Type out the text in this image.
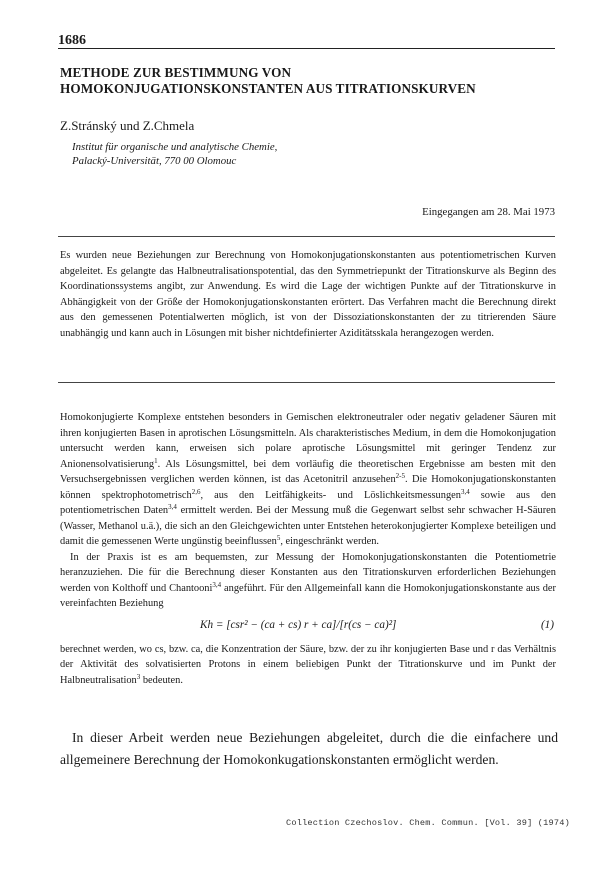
1686
METHODE ZUR BESTIMMUNG VON
HOMOKONJUGATIONSKONSTANTEN AUS TITRATIONSKURVEN
Z.Stránský und Z.Chmela
Institut für organische und analytische Chemie,
Palacký-Universität, 770 00 Olomouc
Eingegangen am 28. Mai 1973
Es wurden neue Beziehungen zur Berechnung von Homokonjugationskonstanten aus potentiometrischen Kurven abgeleitet. Es gelangte das Halbneutralisationspotential, das den Symmetriepunkt der Titrationskurve als Beginn des Koordinationssystems angibt, zur Anwendung. Es wird die Lage der wichtigen Punkte auf der Titrationskurve in Abhängigkeit von der Größe der Homokonjugationskonstanten erörtert. Das Verfahren macht die Berechnung direkt aus den gemessenen Potentialwerten möglich, ist von der Dissoziationskonstanten der zu titrierenden Säure unabhängig und kann auch in Lösungen mit bisher nichtdefinierter Aziditätsskala herangezogen werden.

Homokonjugierte Komplexe entstehen besonders in Gemischen elektroneutraler oder negativ geladener Säuren mit ihren konjugierten Basen in aprotischen Lösungsmitteln. Als charakteristisches Medium, in dem die Homokonjugation untersucht werden kann, erweisen sich polare aprotische Lösungsmittel mit geringer Tendenz zur Anionensolvatisierung$^1$. Als Lösungsmittel, bei dem vorläufig die theoretischen Ergebnisse am besten mit den Versuchsergebnissen verglichen werden können, ist das Acetonitril anzusehen$^{2-5}$. Die Homokonjugationskonstanten können spektrophotometrisch$^{2,6}$, aus den Leitfähigkeits- und Löslichkeitsmessungen$^{3,4}$ sowie aus den potentiometrischen Daten$^{3,4}$ ermittelt werden. Bei der Messung muß die Gegenwart selbst sehr schwacher H-Säuren (Wasser, Methanol u.ä.), die sich an den Gleichgewichten unter Entstehen heterokonjugierter Komplexe beteiligen und damit die gemessenen Werte ungünstig beeinflussen$^5$, eingeschränkt werden.

In der Praxis ist es am bequemsten, zur Messung der Homokonjugationskonstanten die Potentiometrie heranzuziehen. Die für die Berechnung dieser Konstanten aus den Titrationskurven erforderlichen Beziehungen werden von Kolthoff und Chantooni$^{3,4}$ angeführt. Für den Allgemeinfall kann die Homokonjugationskonstante aus der vereinfachten Beziehung

Kh = [csr² − (ca + cs) r + ca]/[r(cs − ca)²]	(1)

berechnet werden, wo cs, bzw. ca, die Konzentration der Säure, bzw. der zu ihr konjugierten Base und r das Verhältnis der Aktivität des solvatisierten Protons in einem beliebigen Punkt der Titrationskurve und im Punkt der Halbneutralisation$^3$ bedeuten.

In dieser Arbeit werden neue Beziehungen abgeleitet, durch die die einfachere und allgemeinere Berechnung der Homokonkugationskonstanten ermöglicht werden.

Collection Czechoslov. Chem. Commun. [Vol. 39] (1974)
